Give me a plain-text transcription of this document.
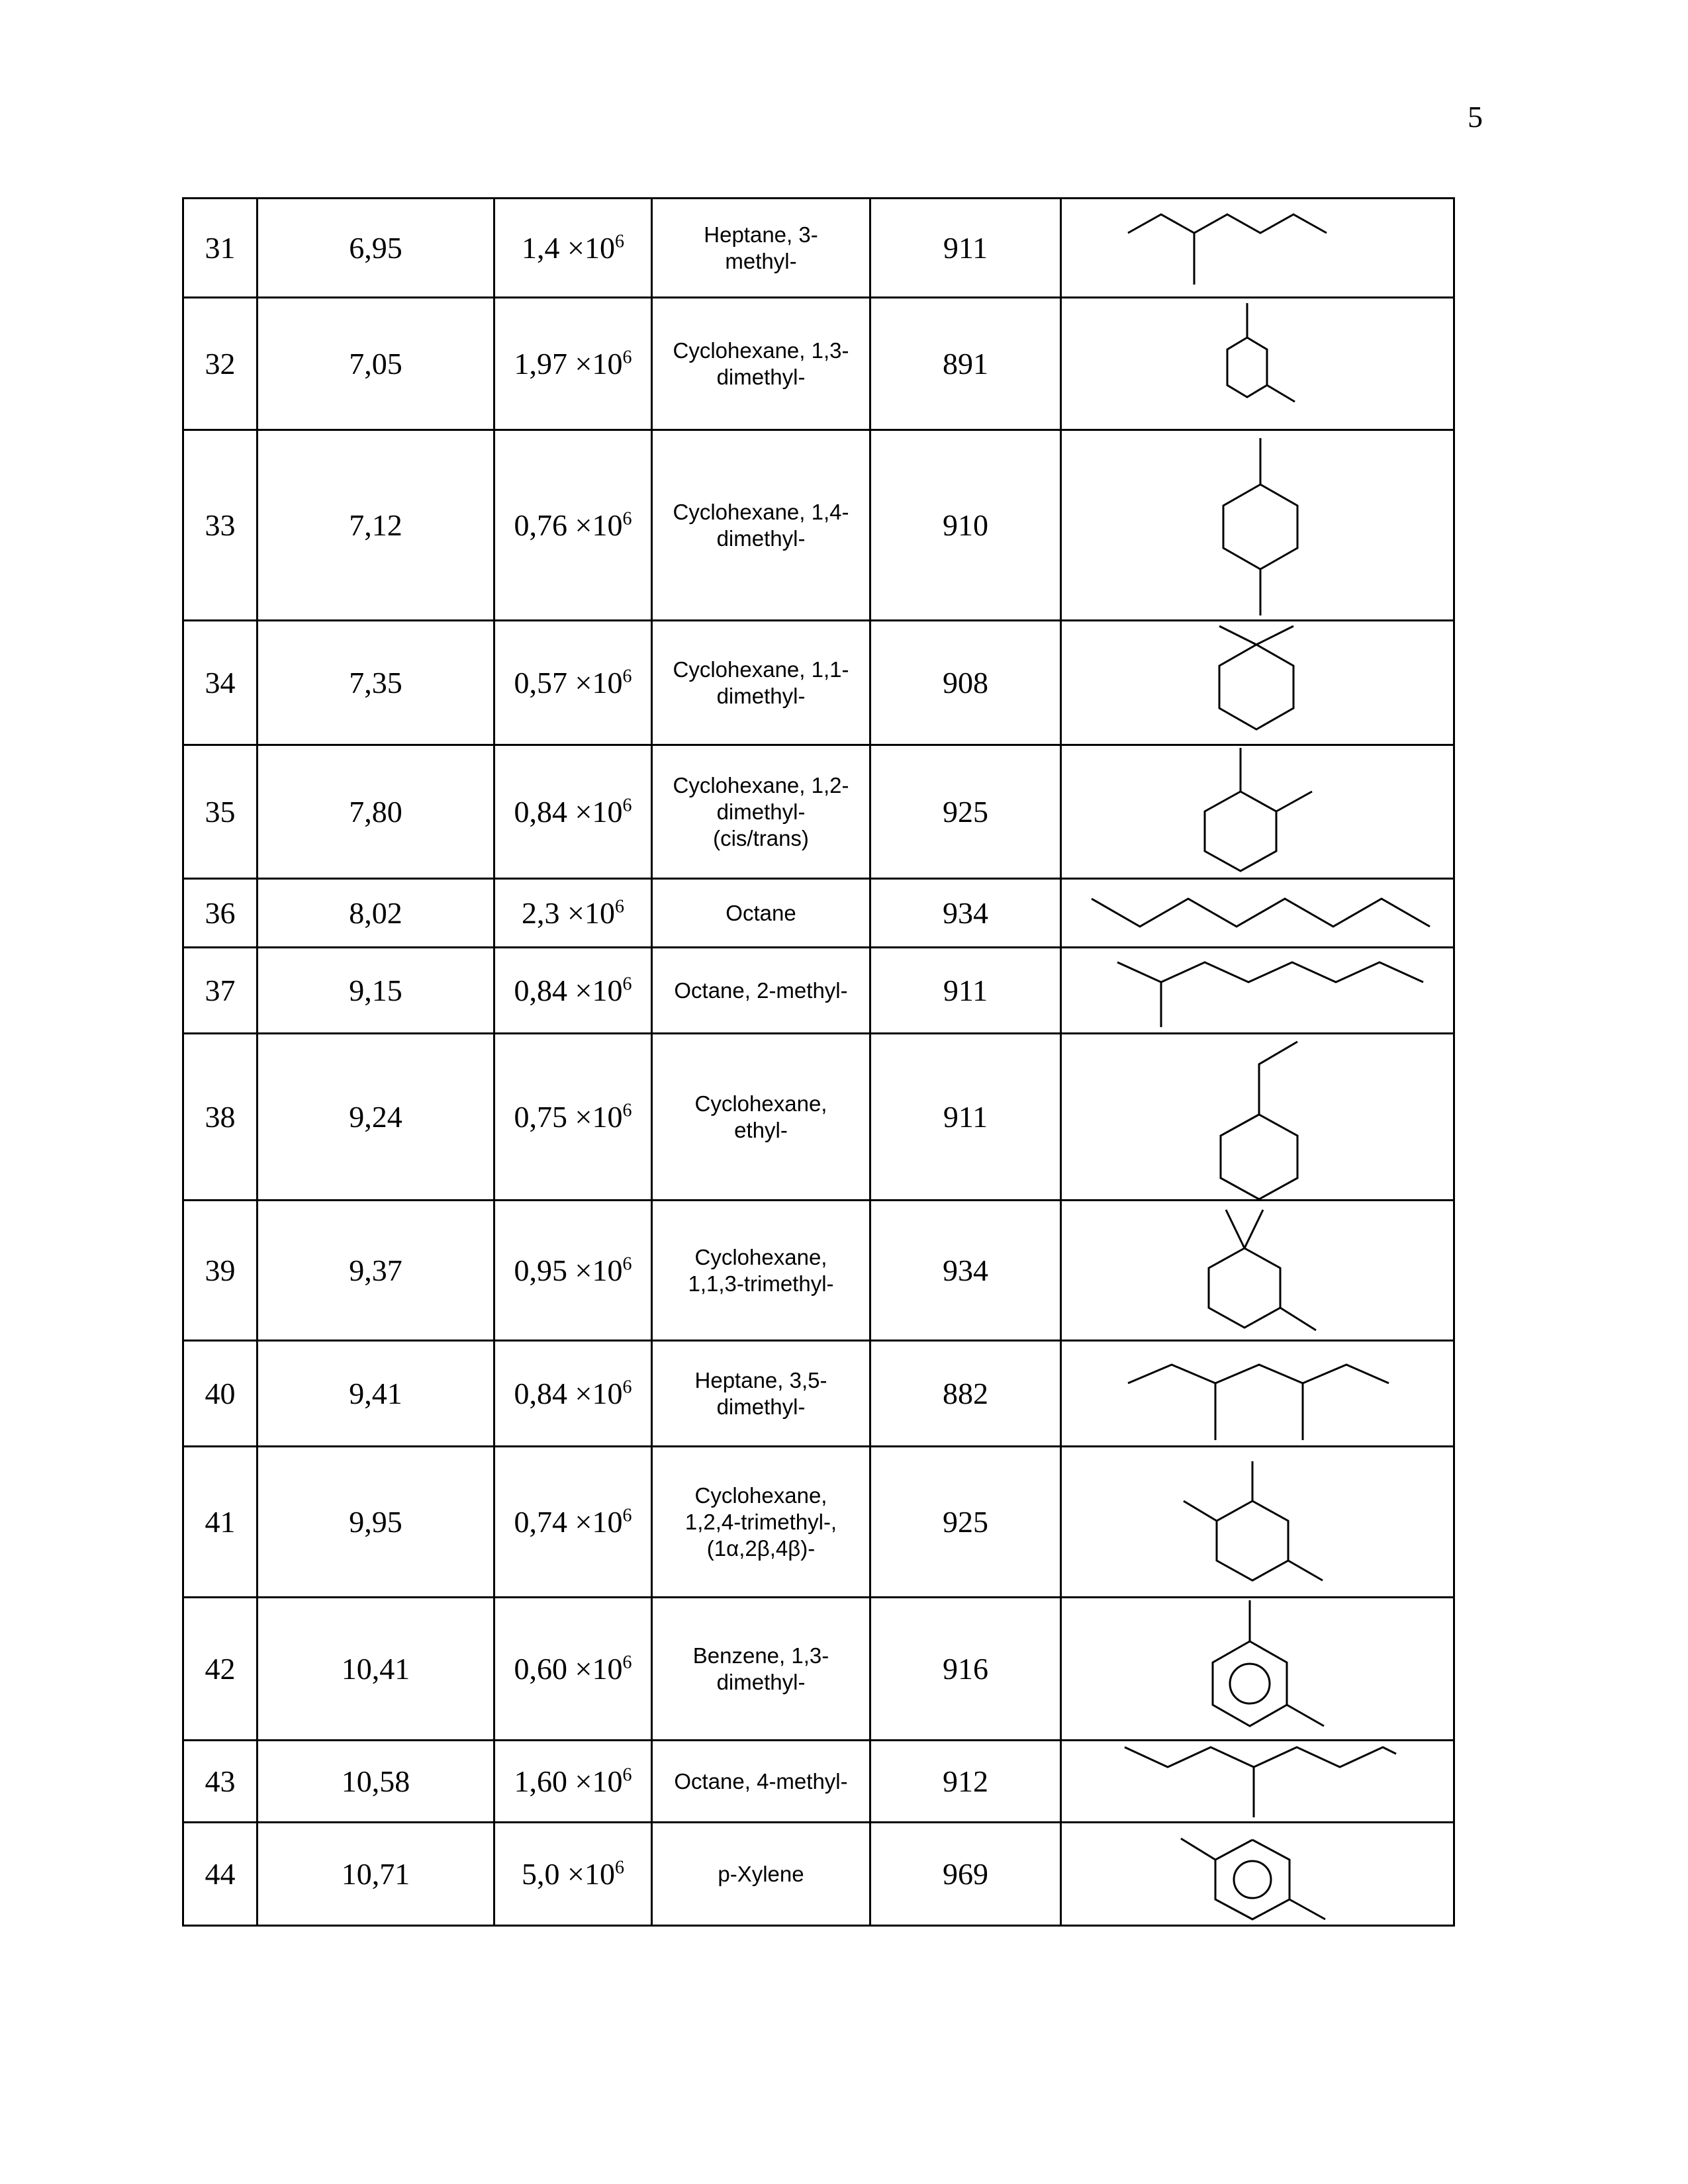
5
31	6,95	$1,4 \times 10^6$	Heptane, 3-
methyl-	911	

32	7,05	$1,97 \times 10^6$	Cyclohexane, 1,3-
dimethyl-	891	

33	7,12	$0,76 \times 10^6$	Cyclohexane, 1,4-
dimethyl-	910	

34	7,35	$0,57 \times 10^6$	Cyclohexane, 1,1-
dimethyl-	908	

35	7,80	$0,84 \times 10^6$	Cyclohexane, 1,2-
dimethyl-
(cis/trans)	925	

36	8,02	$2,3 \times 10^6$	Octane	934	

37	9,15	$0,84 \times 10^6$	Octane, 2-methyl-	911	

38	9,24	$0,75 \times 10^6$	Cyclohexane,
ethyl-	911	

39	9,37	$0,95 \times 10^6$	Cyclohexane,
1,1,3-trimethyl-	934	

40	9,41	$0,84 \times 10^6$	Heptane, 3,5-
dimethyl-	882	

41	9,95	$0,74 \times 10^6$	Cyclohexane,
1,2,4-trimethyl-,
(1α,2β,4β)-	925	

42	10,41	$0,60 \times 10^6$	Benzene, 1,3-
dimethyl-	916	

43	10,58	$1,60 \times 10^6$	Octane, 4-methyl-	912	

44	10,71	$5,0 \times 10^6$	p-Xylene	969	
